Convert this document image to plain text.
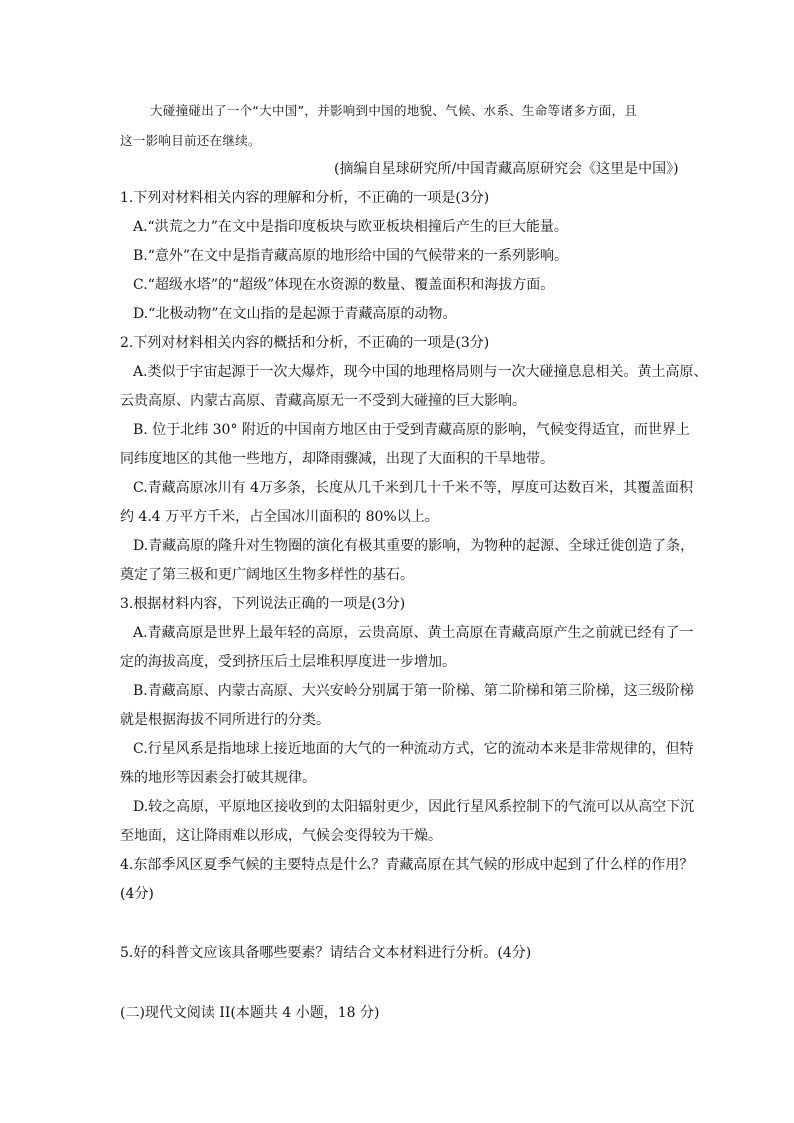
大碰撞碰出了一个“大中国”，并影响到中国的地貌、气候、水系、生命等诸多方面，且
这一影响目前还在继续。
(摘编自星球研究所/中国青藏高原研究会《这里是中国》)
1.下列对材料相关内容的理解和分析，不正确的一项是(3分)
A.“洪荒之力”在文中是指印度板块与欧亚板块相撞后产生的巨大能量。
B.“意外”在文中是指青藏高原的地形给中国的气候带来的一系列影响。
C.“超级水塔”的“超级”体现在水资源的数量、覆盖面积和海拔方面。
D.“北极动物”在文山指的是起源于青藏高原的动物。
2.下列对材料相关内容的概括和分析，不正确的一项是(3分)
A.类似于宇宙起源于一次大爆炸，现今中国的地理格局则与一次大碰撞息息相关。黄土高原、
云贵高原、内蒙古高原、青藏高原无一不受到大碰撞的巨大影响。
B. 位于北纬 30° 附近的中国南方地区由于受到青藏高原的影响，气候变得适宜，而世界上
同纬度地区的其他一些地方，却降雨骤减，出现了大面积的干旱地带。
C.青藏高原冰川有 4万多条，长度从几千米到几十千米不等，厚度可达数百米，其覆盖面积
约 4.4 万平方千米，占全国冰川面积的 80%以上。
D.青藏高原的隆升对生物圈的演化有极其重要的影响，为物种的起源、全球迁徙创造了条，
奠定了第三极和更广阔地区生物多样性的基石。
3.根据材料内容，下列说法正确的一项是(3分)
A.青藏高原是世界上最年轻的高原，云贵高原、黄土高原在青藏高原产生之前就已经有了一
定的海拔高度，受到挤压后土层堆积厚度进一步增加。
B.青藏高原、内蒙古高原、大兴安岭分别属于第一阶梯、第二阶梯和第三阶梯，这三级阶梯
就是根据海拔不同所进行的分类。
C.行星风系是指地球上接近地面的大气的一种流动方式，它的流动本来是非常规律的，但特
殊的地形等因素会打破其规律。
D.较之高原，平原地区接收到的太阳辐射更少，因此行星风系控制下的气流可以从高空下沉
至地面，这让降雨难以形成，气候会变得较为干燥。
4.东部季风区夏季气候的主要特点是什么？青藏高原在其气候的形成中起到了什么样的作用？
(4分)
5.好的科普文应该具备哪些要素？请结合文本材料进行分析。(4分)
(二)现代文阅读 II(本题共 4 小题，18 分)
